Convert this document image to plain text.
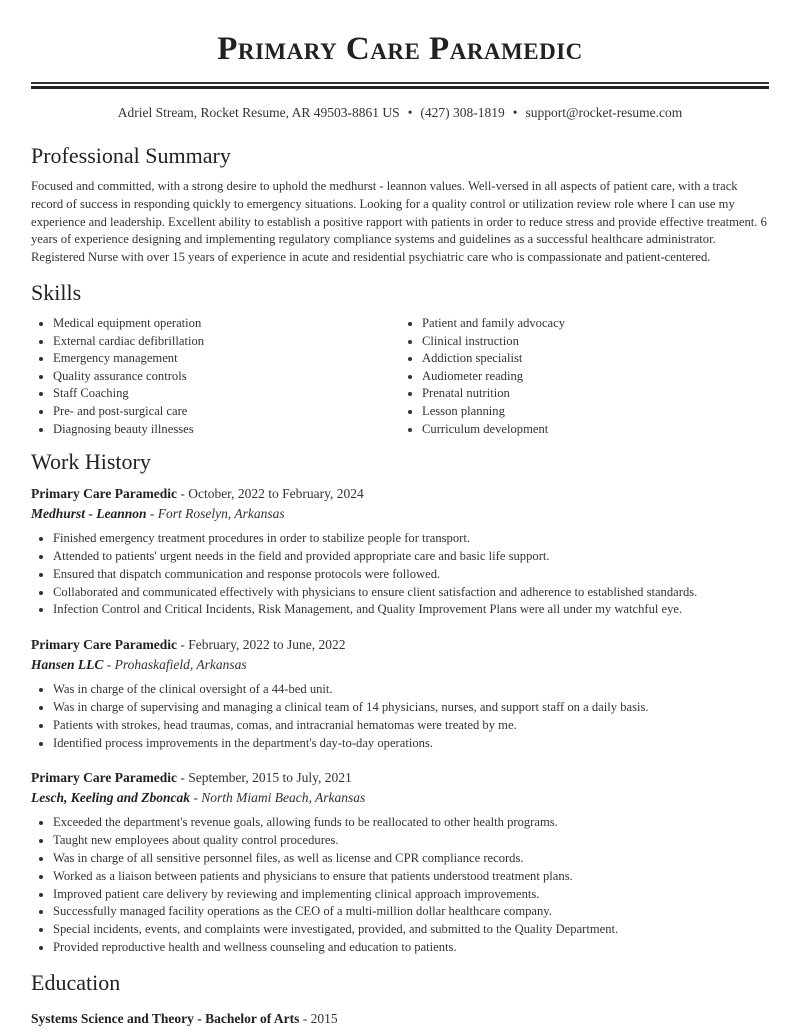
Primary Care Paramedic
Adriel Stream, Rocket Resume, AR 49503-8861 US • (427) 308-1819 • support@rocket-resume.com
Professional Summary

Focused and committed, with a strong desire to uphold the medhurst - leannon values. Well-versed in all aspects of patient care, with a track record of success in responding quickly to emergency situations. Looking for a quality control or utilization review role where I can use my experience and leadership. Excellent ability to establish a positive rapport with patients in order to reduce stress and provide effective treatment. 6 years of experience designing and implementing regulatory compliance systems and guidelines as a successful healthcare administrator. Registered Nurse with over 15 years of experience in acute and residential psychiatric care who is compassionate and patient-centered.

Skills
• Medical equipment operation
• External cardiac defibrillation
• Emergency management
• Quality assurance controls
• Staff Coaching
• Pre- and post-surgical care
• Diagnosing beauty illnesses
• Patient and family advocacy
• Clinical instruction
• Addiction specialist
• Audiometer reading
• Prenatal nutrition
• Lesson planning
• Curriculum development
Work History
Primary Care Paramedic - October, 2022 to February, 2024
Medhurst - Leannon - Fort Roselyn, Arkansas
• Finished emergency treatment procedures in order to stabilize people for transport.
• Attended to patients' urgent needs in the field and provided appropriate care and basic life support.
• Ensured that dispatch communication and response protocols were followed.
• Collaborated and communicated effectively with physicians to ensure client satisfaction and adherence to established standards.
• Infection Control and Critical Incidents, Risk Management, and Quality Improvement Plans were all under my watchful eye.
Primary Care Paramedic - February, 2022 to June, 2022
Hansen LLC - Prohaskafield, Arkansas
• Was in charge of the clinical oversight of a 44-bed unit.
• Was in charge of supervising and managing a clinical team of 14 physicians, nurses, and support staff on a daily basis.
• Patients with strokes, head traumas, comas, and intracranial hematomas were treated by me.
• Identified process improvements in the department's day-to-day operations.
Primary Care Paramedic - September, 2015 to July, 2021
Lesch, Keeling and Zboncak - North Miami Beach, Arkansas
• Exceeded the department's revenue goals, allowing funds to be reallocated to other health programs.
• Taught new employees about quality control procedures.
• Was in charge of all sensitive personnel files, as well as license and CPR compliance records.
• Worked as a liaison between patients and physicians to ensure that patients understood treatment plans.
• Improved patient care delivery by reviewing and implementing clinical approach improvements.
• Successfully managed facility operations as the CEO of a multi-million dollar healthcare company.
• Special incidents, events, and complaints were investigated, provided, and submitted to the Quality Department.
• Provided reproductive health and wellness counseling and education to patients.
Education
Systems Science and Theory - Bachelor of Arts - 2015
